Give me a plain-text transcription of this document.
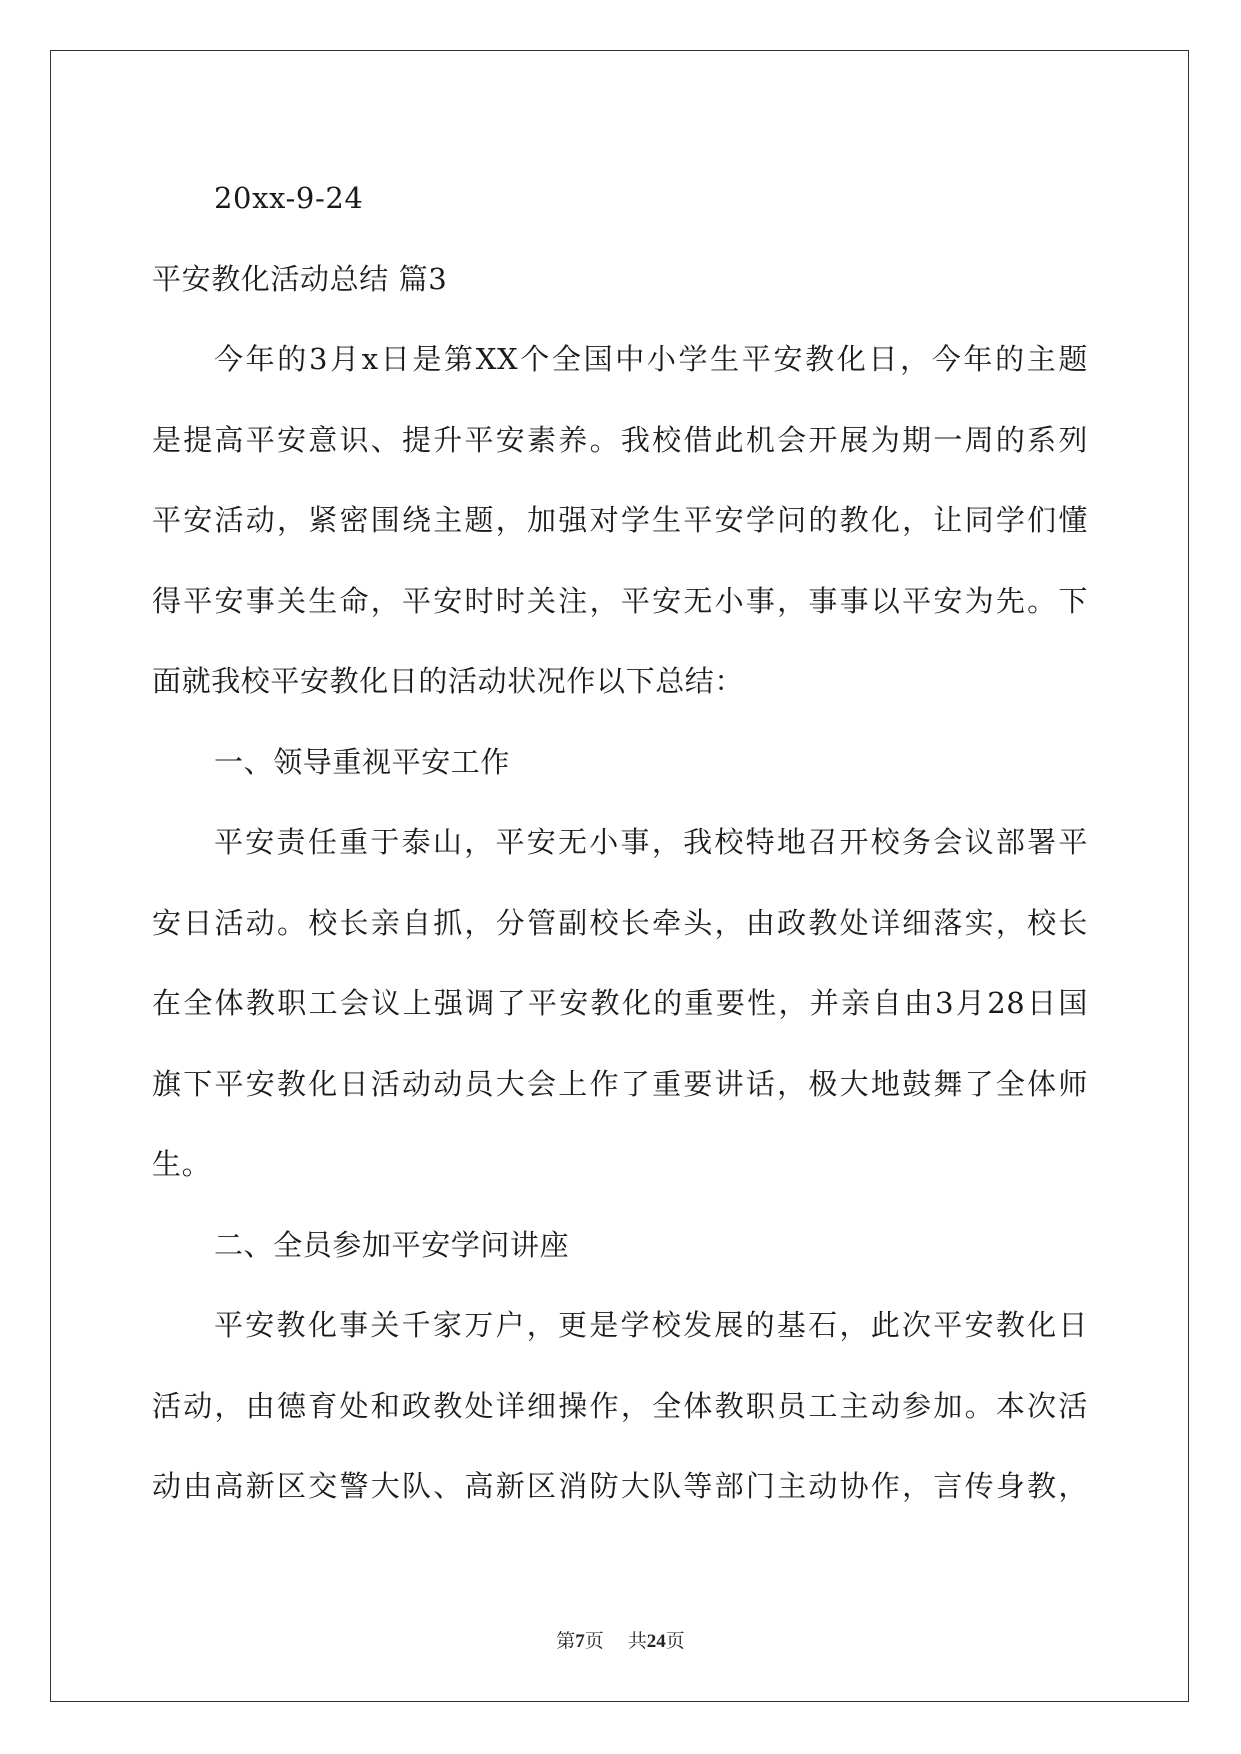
20xx-9-24
平安教化活动总结 篇3
今年的3月x日是第XX个全国中小学生平安教化日，今年的主题
是提高平安意识、提升平安素养。我校借此机会开展为期一周的系列
平安活动，紧密围绕主题，加强对学生平安学问的教化，让同学们懂
得平安事关生命，平安时时关注，平安无小事，事事以平安为先。下
面就我校平安教化日的活动状况作以下总结：
一、领导重视平安工作
平安责任重于泰山，平安无小事，我校特地召开校务会议部署平
安日活动。校长亲自抓，分管副校长牵头，由政教处详细落实，校长
在全体教职工会议上强调了平安教化的重要性，并亲自由3月28日国
旗下平安教化日活动动员大会上作了重要讲话，极大地鼓舞了全体师
生。
二、全员参加平安学问讲座
平安教化事关千家万户，更是学校发展的基石，此次平安教化日
活动，由德育处和政教处详细操作，全体教职员工主动参加。本次活
动由高新区交警大队、高新区消防大队等部门主动协作，言传身教，
第7页 共24页
